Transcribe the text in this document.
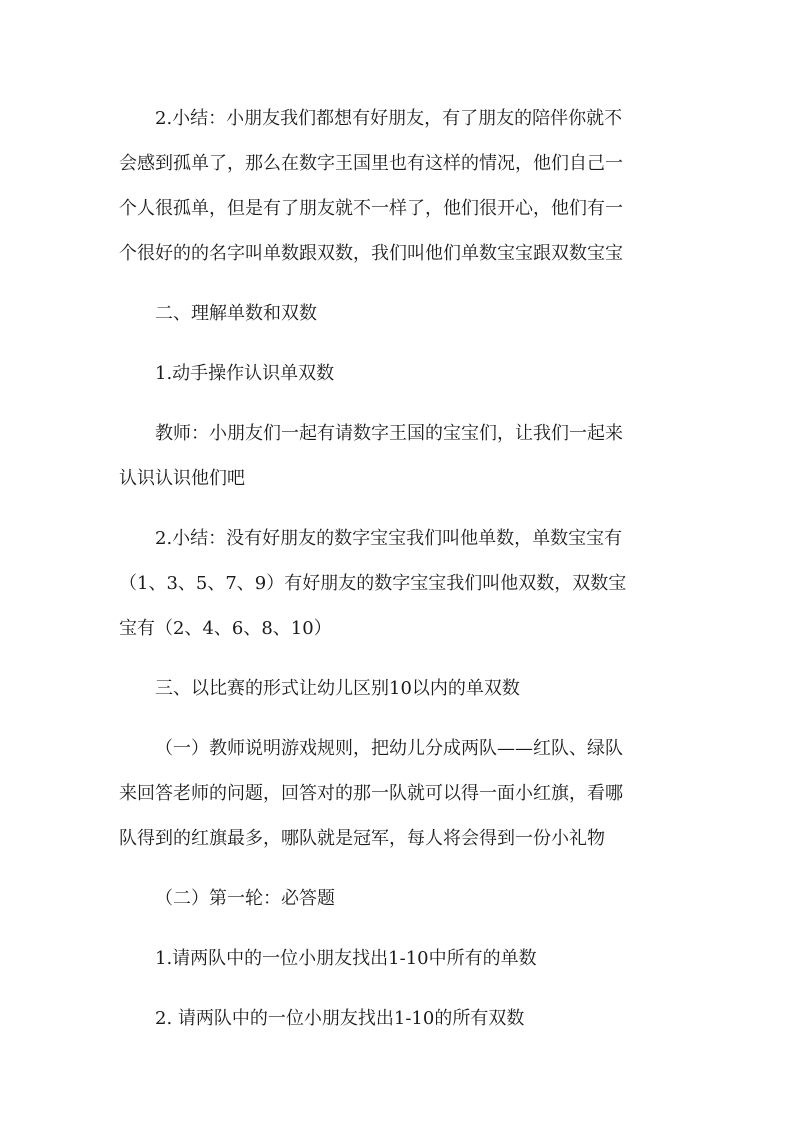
2.小结：小朋友我们都想有好朋友，有了朋友的陪伴你就不
会感到孤单了，那么在数字王国里也有这样的情况，他们自己一
个人很孤单，但是有了朋友就不一样了，他们很开心，他们有一
个很好的的名字叫单数跟双数，我们叫他们单数宝宝跟双数宝宝
二、理解单数和双数
1.动手操作认识单双数
教师：小朋友们一起有请数字王国的宝宝们，让我们一起来
认识认识他们吧
2.小结：没有好朋友的数字宝宝我们叫他单数，单数宝宝有
（1、3、5、7、9）有好朋友的数字宝宝我们叫他双数，双数宝
宝有（2、4、6、8、10）
三、以比赛的形式让幼儿区别10以内的单双数
（一）教师说明游戏规则，把幼儿分成两队——红队、绿队
来回答老师的问题，回答对的那一队就可以得一面小红旗，看哪
队得到的红旗最多，哪队就是冠军，每人将会得到一份小礼物
（二）第一轮：必答题
1.请两队中的一位小朋友找出1-10中所有的单数
2. 请两队中的一位小朋友找出1-10的所有双数
